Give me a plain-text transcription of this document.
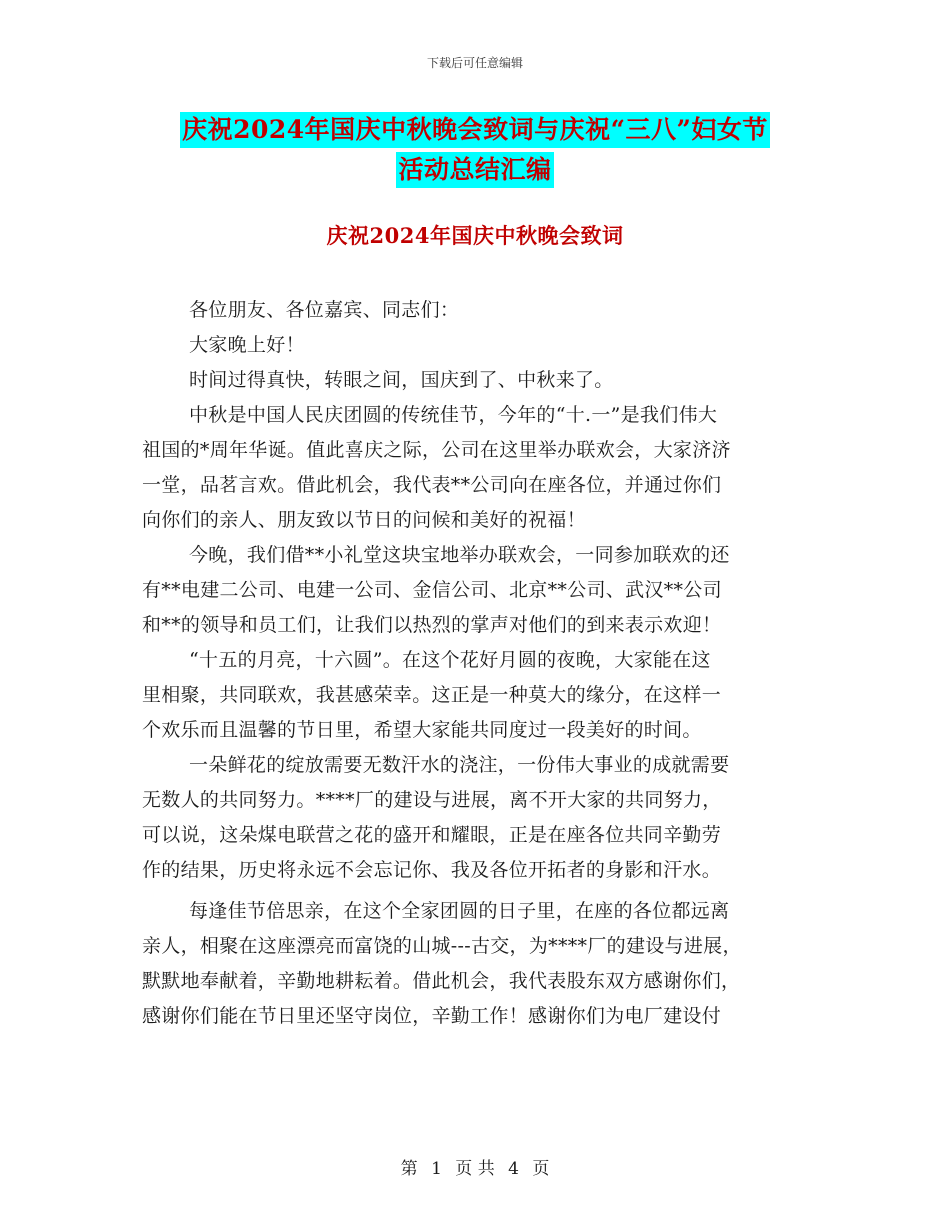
下载后可任意编辑
庆祝2024年国庆中秋晚会致词与庆祝“三八”妇女节
活动总结汇编
庆祝2024年国庆中秋晚会致词
各位朋友、各位嘉宾、同志们：
大家晚上好！
时间过得真快，转眼之间，国庆到了、中秋来了。
中秋是中国人民庆团圆的传统佳节，今年的“十.一”是我们伟大
祖国的*周年华诞。值此喜庆之际，公司在这里举办联欢会，大家济济
一堂，品茗言欢。借此机会，我代表**公司向在座各位，并通过你们
向你们的亲人、朋友致以节日的问候和美好的祝福！
今晚，我们借**小礼堂这块宝地举办联欢会，一同参加联欢的还
有**电建二公司、电建一公司、金信公司、北京**公司、武汉**公司
和**的领导和员工们，让我们以热烈的掌声对他们的到来表示欢迎！
“十五的月亮，十六圆”。在这个花好月圆的夜晚，大家能在这
里相聚，共同联欢，我甚感荣幸。这正是一种莫大的缘分，在这样一
个欢乐而且温馨的节日里，希望大家能共同度过一段美好的时间。
一朵鲜花的绽放需要无数汗水的浇注，一份伟大事业的成就需要
无数人的共同努力。****厂的建设与进展，离不开大家的共同努力，
可以说，这朵煤电联营之花的盛开和耀眼，正是在座各位共同辛勤劳
作的结果，历史将永远不会忘记你、我及各位开拓者的身影和汗水。
每逢佳节倍思亲，在这个全家团圆的日子里，在座的各位都远离
亲人，相聚在这座漂亮而富饶的山城---古交，为****厂的建设与进展，
默默地奉献着，辛勤地耕耘着。借此机会，我代表股东双方感谢你们，
感谢你们能在节日里还坚守岗位，辛勤工作！感谢你们为电厂建设付
第 1 页 共 4 页
